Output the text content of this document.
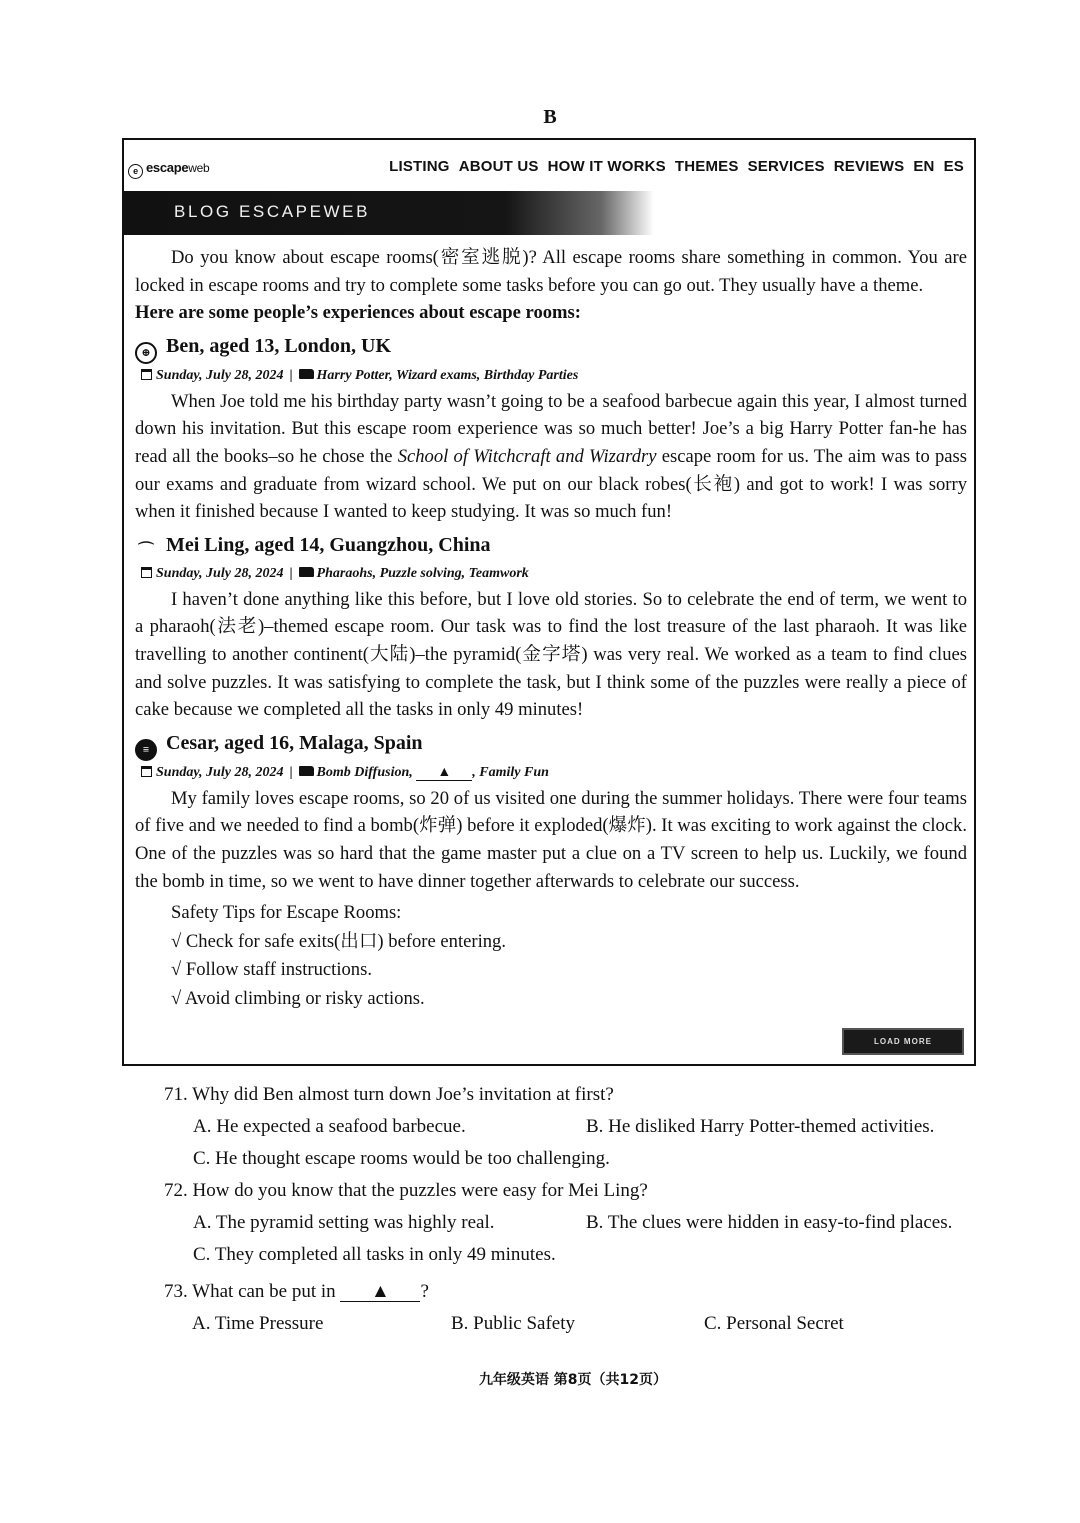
B
e escapeweb	LISTING ABOUT US HOW IT WORKS THEMES SERVICES REVIEWS EN ES
BLOG ESCAPEWEB

Do you know about escape rooms(密室逃脱)? All escape rooms share something in common. You are locked in escape rooms and try to complete some tasks before you can go out. They usually have a theme.

Here are some people’s experiences about escape rooms:

⊕ Ben, aged 13, London, UK
Sunday, July 28, 2024 | Harry Potter, Wizard exams, Birthday Parties

When Joe told me his birthday party wasn’t going to be a seafood barbecue again this year, I almost turned down his invitation. But this escape room experience was so much better! Joe’s a big Harry Potter fan-he has read all the books–so he chose the School of Witchcraft and Wizardry escape room for us. The aim was to pass our exams and graduate from wizard school. We put on our black robes(长袍) and got to work! I was sorry when it finished because I wanted to keep studying. It was so much fun!

⌒ Mei Ling, aged 14, Guangzhou, China
Sunday, July 28, 2024 | Pharaohs, Puzzle solving, Teamwork

I haven’t done anything like this before, but I love old stories. So to celebrate the end of term, we went to a pharaoh(法老)–themed escape room. Our task was to find the lost treasure of the last pharaoh. It was like travelling to another continent(大陆)–the pyramid(金字塔) was very real. We worked as a team to find clues and solve puzzles. It was satisfying to complete the task, but I think some of the puzzles were really a piece of cake because we completed all the tasks in only 49 minutes!

≡ Cesar, aged 16, Malaga, Spain
Sunday, July 28, 2024 | Bomb Diffusion, ▲ , Family Fun

My family loves escape rooms, so 20 of us visited one during the summer holidays. There were four teams of five and we needed to find a bomb(炸弹) before it exploded(爆炸). It was exciting to work against the clock. One of the puzzles was so hard that the game master put a clue on a TV screen to help us. Luckily, we found the bomb in time, so we went to have dinner together afterwards to celebrate our success.

Safety Tips for Escape Rooms:
√ Check for safe exits(出口) before entering.
√ Follow staff instructions.
√ Avoid climbing or risky actions.
LOAD MORE
71. Why did Ben almost turn down Joe’s invitation at first?
A. He expected a seafood barbecue.	B. He disliked Harry Potter-themed activities.
C. He thought escape rooms would be too challenging.
72. How do you know that the puzzles were easy for Mei Ling?
A. The pyramid setting was highly real.	B. The clues were hidden in easy-to-find places.
C. They completed all tasks in only 49 minutes.
73. What can be put in ▲ ?
A. Time Pressure	B. Public Safety	C. Personal Secret
九年级英语 第8页（共12页）
